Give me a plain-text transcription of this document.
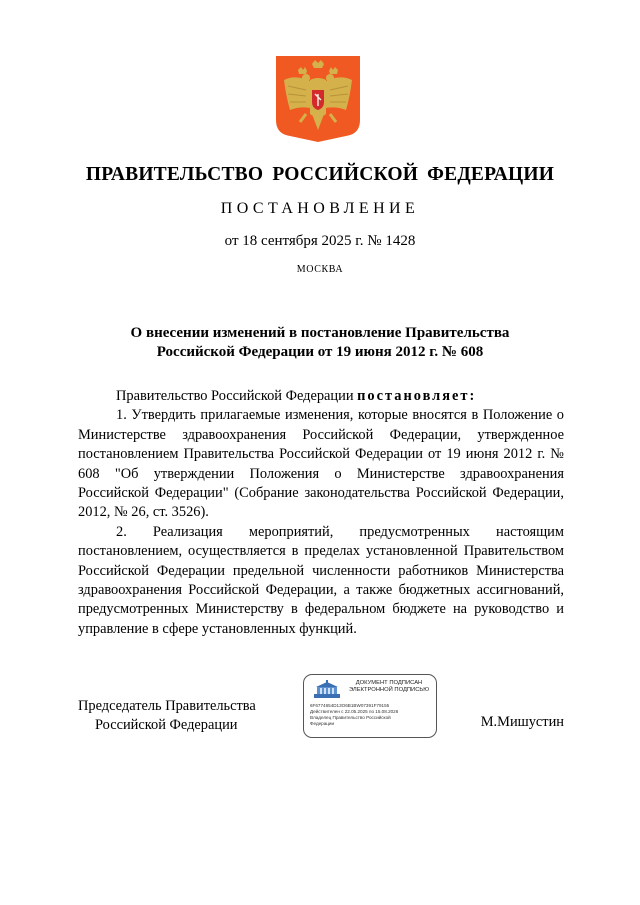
ПРАВИТЕЛЬСТВО РОССИЙСКОЙ ФЕДЕРАЦИИ
ПОСТАНОВЛЕНИЕ
от 18 сентября 2025 г. № 1428
МОСКВА
О внесении изменений в постановление Правительства
Российской Федерации от 19 июня 2012 г. № 608

Правительство Российской Федерации постановляет:

1. Утвердить прилагаемые изменения, которые вносятся в Положение о Министерстве здравоохранения Российской Федерации, утвержденное постановлением Правительства Российской Федерации от 19 июня 2012 г. № 608 "Об утверждении Положения о Министерстве здравоохранения Российской Федерации" (Собрание законодательства Российской Федерации, 2012, № 26, ст. 3526).

2. Реализация мероприятий, предусмотренных настоящим постановлением, осуществляется в пределах установленной Правительством Российской Федерации предельной численности работников Министерства здравоохранения Российской Федерации, а также бюджетных ассигнований, предусмотренных Министерству в федеральном бюджете на руководство и управление в сфере установленных функций.

Председатель Правительства
Российской Федерации
ДОКУМЕНТ ПОДПИСАН
ЭЛЕКТРОННОЙ ПОДПИСЬЮ
6F6774654D13O6B1BW07391F79155
Действителен с 22.05.2025 по 15.08.2026
Владелец Правительство Российской
Федерации	М.Мишустин
